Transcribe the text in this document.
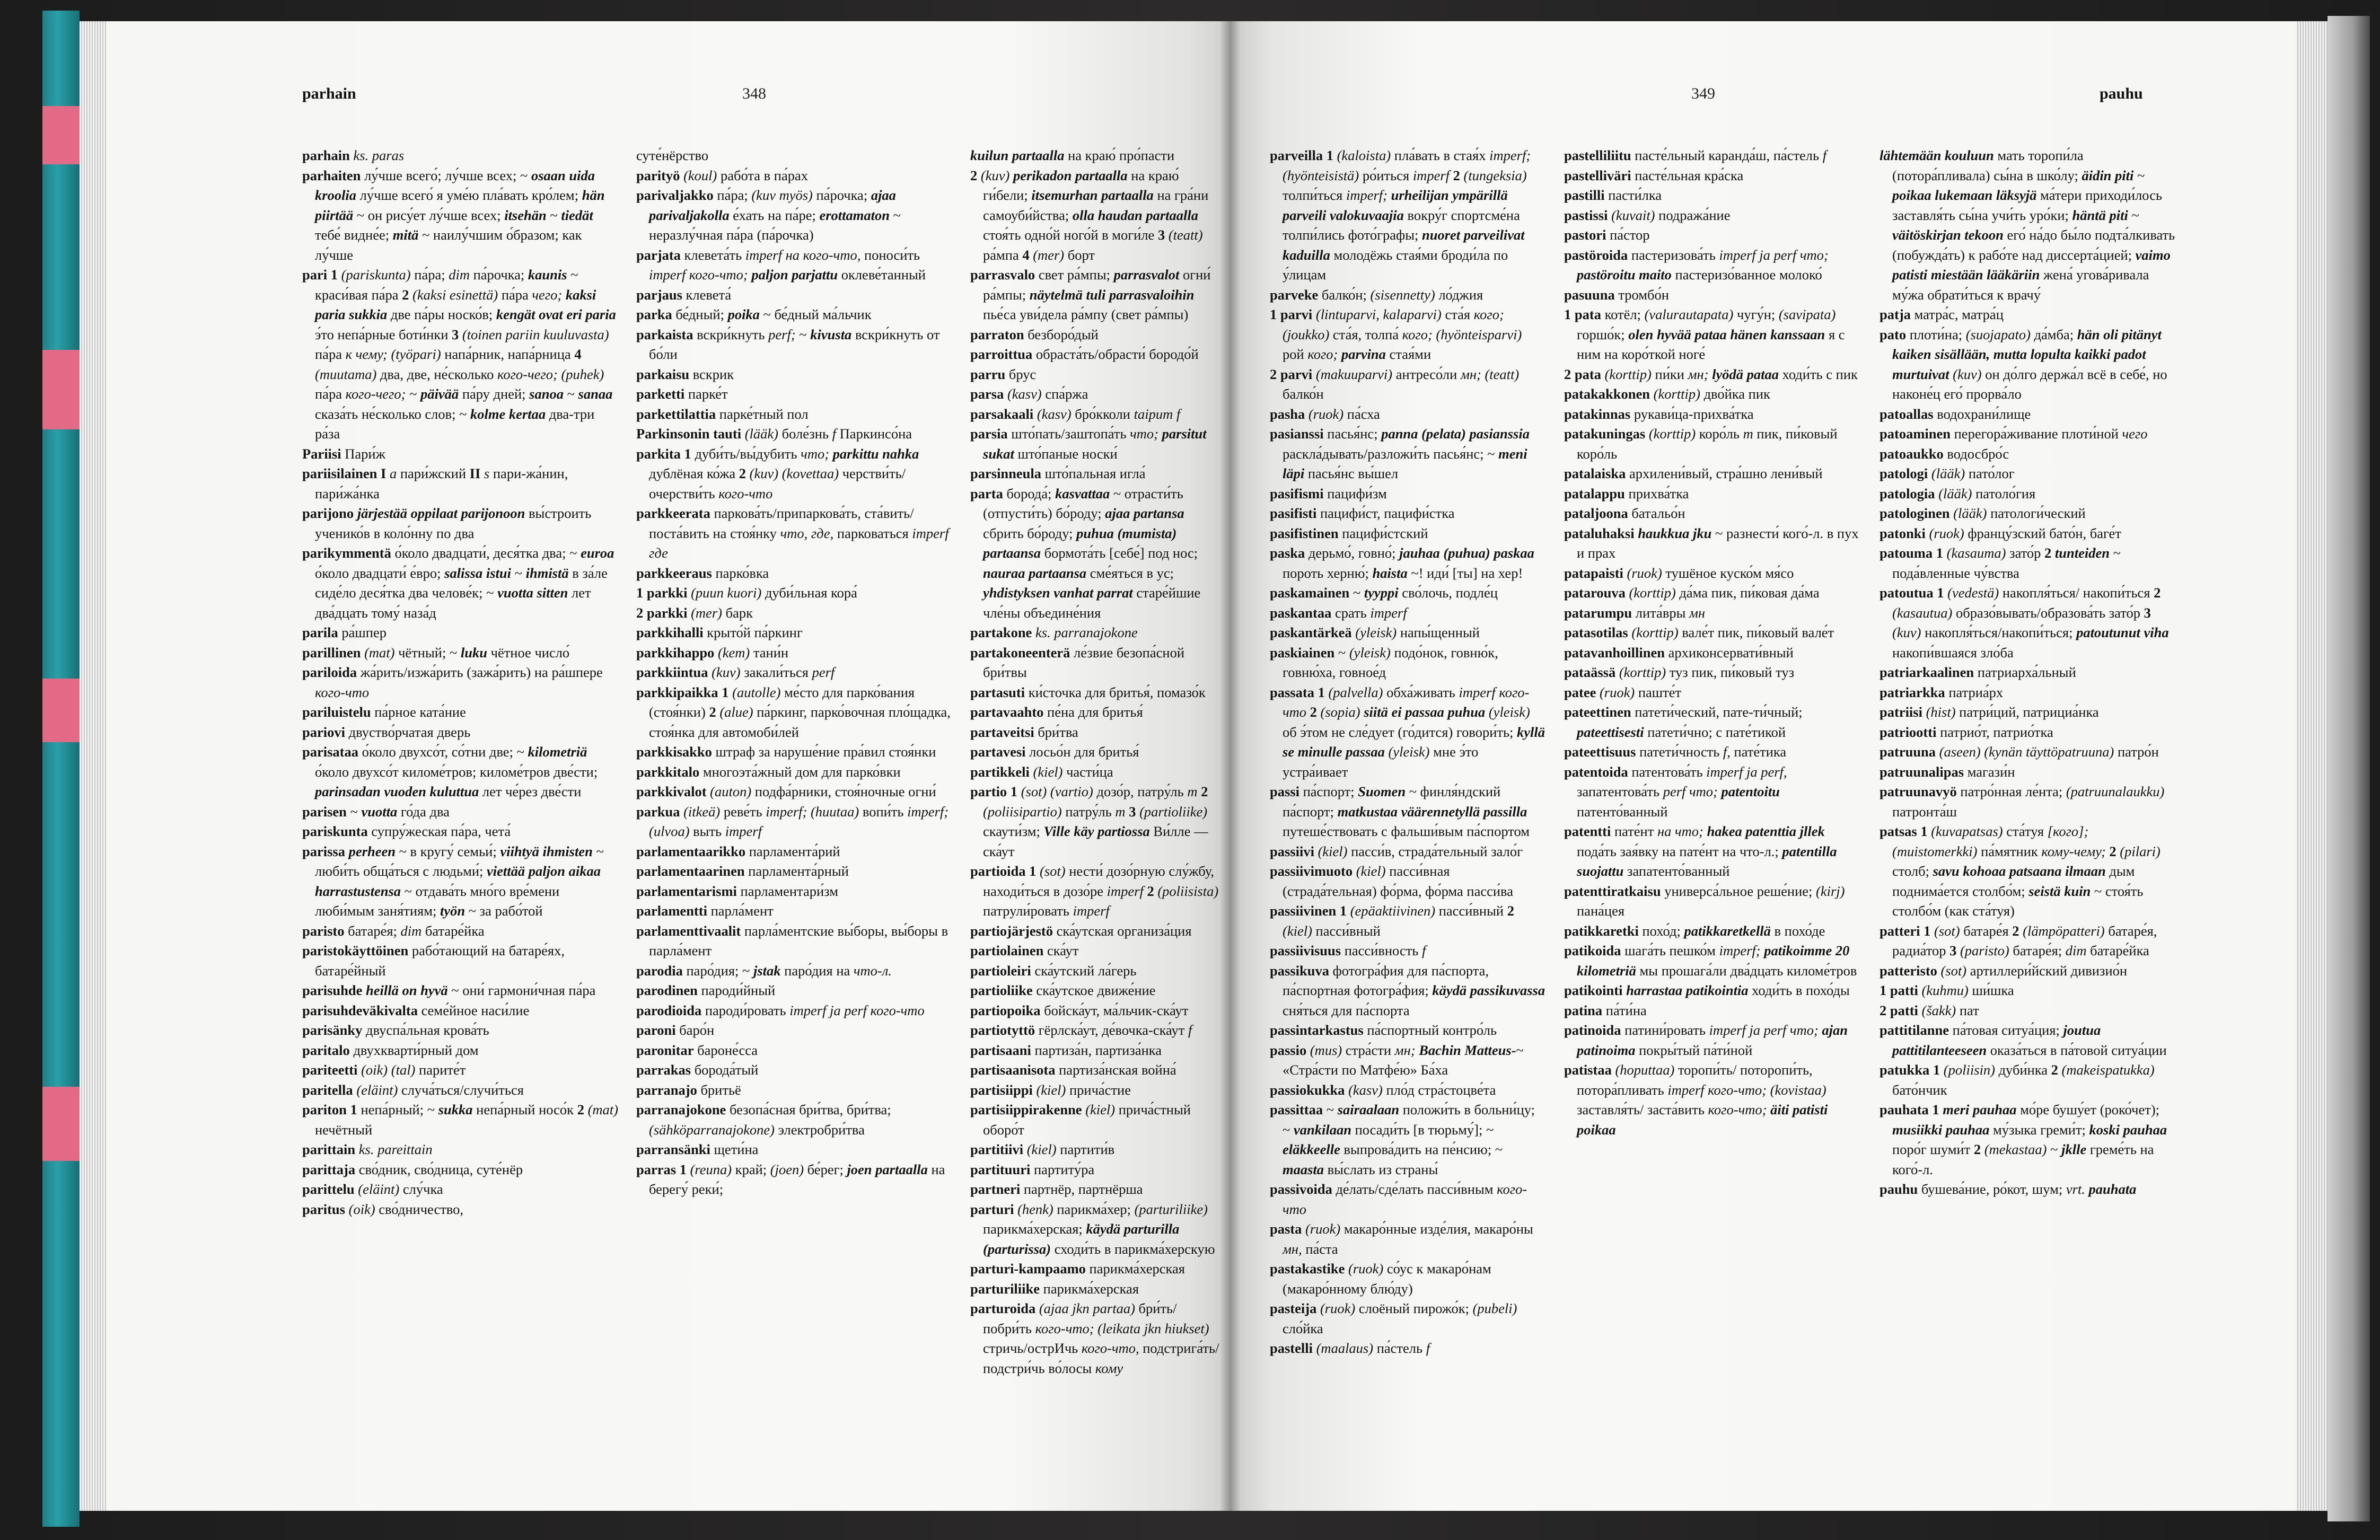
parhain	348

parhain ks. paras

parhaiten лу́чше всего́; лу́чше всех; ~ osaan uida kroolia лу́чше всего́ я уме́ю пла́вать кро́лем; hän piirtää ~ он рису́ет лу́чше всех; itsehän ~ tiedät тебе́ видне́е; mitä ~ наилу́чшим о́бразом; как лу́чше

pari 1 (pariskunta) па́ра; dim па́рочка; kaunis ~ краси́вая па́ра 2 (kaksi esinettä) па́ра чего; kaksi paria sukkia две па́ры носко́в; kengät ovat eri paria э́то непа́рные боти́нки 3 (toinen pariin kuuluvasta) па́ра к чему; (työpari) напа́рник, напа́рница 4 (muutama) два, две, не́сколько кого-чего; (puhek) па́ра кого-чего; ~ päivää па́ру дней; sanoa ~ sanaa сказа́ть не́сколько слов; ~ kolme kertaa два-три ра́за

Pariisi Пари́ж

pariisilainen I a пари́жский II s пари-жа́нин, пари́жа́нка

parijono järjestää oppilaat parijonoon вы́строить ученико́в в коло́нну по два

parikymmentä о́коло двадцати́, деся́тка два; ~ euroa о́коло двадцати́ е́вро; salissa istui ~ ihmistä в за́ле сиде́ло деся́тка два челове́к; ~ vuotta sitten лет два́дцать тому́ наза́д

parila ра́шпер

parillinen (mat) чётный; ~ luku чётное число́

pariloida жа́рить/изжа́рить (зажа́рить) на ра́шпере кого-что

pariluistelu па́рное ката́ние

pariovi двуство́рчатая дверь

parisataa о́коло двухсо́т, со́тни две; ~ kilometriä о́коло двухсо́т киломе́тров; киломе́тров две́сти; parinsadan vuoden kuluttua лет че́рез две́сти

parisen ~ vuotta го́да два

pariskunta супру́жеская па́ра, чета́

parissa perheen ~ в кругу́ семьи́; viihtyä ihmisten ~ люби́ть обща́ться с людьми́; viettää paljon aikaa harrastustensa ~ отдава́ть мно́го вре́мени люби́мым заня́тиям; työn ~ за рабо́той

paristo батаре́я; dim батаре́йка

paristokäyttöinen рабо́тающий на батаре́ях, батаре́йный

parisuhde heillä on hyvä ~ они́ гармони́чная па́ра

parisuhdeväkivalta семе́йное наси́лие

parisänky двуспа́льная крова́ть

paritalo двухкварти́рный дом

pariteetti (oik) (tal) парите́т

paritella (eläint) случа́ться/случи́ться

pariton 1 непа́рный; ~ sukka непа́рный носо́к 2 (mat) нечётный

parittain ks. pareittain

parittaja сво́дник, сво́дница, суте́нёр

parittelu (eläint) слу́чка

paritus (oik) сво́дничество,

суте́нёрство

parityö (koul) рабо́та в па́рах

parivaljakko па́ра; (kuv myös) па́рочка; ajaa parivaljakolla е́хать на па́ре; erottamaton ~ неразлу́чная па́ра (па́рочка)

parjata клевета́ть imperf на кого-что, поноси́ть imperf кого-что; paljon parjattu оклеве́танный

parjaus клевета́

parka бе́дный; poika ~ бе́дный ма́льчик

parkaista вскри́кнуть perf; ~ kivusta вскри́кнуть от бо́ли

parkaisu вскрик

parketti парке́т

parkettilattia парке́тный пол

Parkinsonin tauti (lääk) боле́знь f Паркинсо́на

parkita 1 дуби́ть/вы́дубить что; parkittu nahka дублёная ко́жа 2 (kuv) (kovettaa) черстви́ть/очерстви́ть кого-что

parkkeerata паркова́ть/припаркова́ть, ста́вить/поста́вить на стоя́нку что, где, парковаться imperf где

parkkeeraus парко́вка

1 parkki (puun kuori) дуби́льная кора́

2 parkki (mer) барк

parkkihalli крыто́й па́ркинг

parkkihappo (kem) тани́н

parkkiintua (kuv) закали́ться perf

parkkipaikka 1 (autolle) ме́сто для парко́вания (стоя́нки) 2 (alue) па́ркинг, парко́вочная пло́щадка, стоя́нка для автомоби́лей

parkkisakko штраф за наруше́ние пра́вил стоя́нки

parkkitalo многоэта́жный дом для парко́вки

parkkivalot (auton) подфа́рники, стоя́ночные огни́

parkua (itkeä) реве́ть imperf; (huutaa) вопи́ть imperf; (ulvoa) выть imperf

parlamentaarikko парламента́рий

parlamentaarinen парламента́рный

parlamentarismi парламентари́зм

parlamentti парла́мент

parlamenttivaalit парла́ментские вы́боры, вы́боры в парла́мент

parodia паро́дия; ~ jstak паро́дия на что-л.

parodinen пароди́йный

parodioida пароди́ровать imperf ja perf кого-что

paroni баро́н

paronitar бароне́сса

parrakas борода́тый

parranajo бритьё

parranajokone безопа́сная бри́тва, бри́тва; (sähköparranajokone) электробри́тва

parransänki щети́на

parras 1 (reuna) край; (joen) бе́рег; joen partaalla на берегу́ реки́;

kuilun partaalla на краю́ про́пасти

2 (kuv) perikadon partaalla на краю́ ги́бели; itsemurhan partaalla на гра́ни самоуби́йства; olla haudan partaalla стоя́ть одно́й ного́й в моги́ле 3 (teatt) ра́мпа 4 (mer) борт

parrasvalo свет ра́мпы; parrasvalot огни́ ра́мпы; näytelmä tuli parrasvaloihin пье́са уви́дела ра́мпу (свет ра́мпы)

parraton безборо́дый

parroittua обраста́ть/обрасти́ бородо́й

parru брус

parsa (kasv) спа́ржа

parsakaali (kasv) бро́кколи taipum f

parsia што́пать/заштопа́ть что; parsitut sukat што́паные носки́

parsinneula што́пальная игла́

parta борода́; kasvattaa ~ отрасти́ть (отпусти́ть) бо́роду; ajaa partansa сбрить бо́роду; puhua (mumista) partaansa бормота́ть [себе́] под нос; nauraa partaansa сме́яться в ус; yhdistyksen vanhat parrat старе́йшие чле́ны объедине́ния

partakone ks. parranajokone

partakoneenterä ле́звие безопа́сной бри́твы

partasuti ки́сточка для бритья́, помазо́к

partavaahto пе́на для бритья́

partaveitsi бри́тва

partavesi лосьо́н для бритья́

partikkeli (kiel) части́ца

partio 1 (sot) (vartio) дозо́р, патру́ль m 2 (poliisipartio) патру́ль m 3 (partioliike) скаути́зм; Ville käy partiossa Ви́лле — ска́ут

partioida 1 (sot) нести́ дозо́рную слу́жбу, находи́ться в дозо́ре imperf 2 (poliisista) патрули́ровать imperf

partiojärjestö ска́утская организа́ция

partiolainen ска́ут

partioleiri ска́утский ла́герь

partioliike ска́утское движе́ние

partiopoika бойска́ут, ма́льчик-ска́ут

partiotyttö гёрлска́ут, де́вочка-ска́ут f

partisaani партиза́н, партиза́нка

partisaanisota партиза́нская война́

partisiippi (kiel) прича́стие

partisiippirakenne (kiel) прича́стный оборо́т

partitiivi (kiel) партити́в

partituuri партиту́ра

partneri партнёр, партнёрша

parturi (henk) парикма́хер; (parturiliike) парикма́херская; käydä parturilla (parturissa) сходи́ть в парикма́херскую

parturi-kampaamo парикма́херская

parturiliike парикма́херская

parturoida (ajaa jkn partaa) бри́ть/побри́ть кого-что; (leikata jkn hiukset) стричь/острИчь кого-что, подстрига́ть/подстри́чь во́лосы кому

349	pauhu

parveilla 1 (kaloista) пла́вать в стая́х imperf; (hyönteisistä) ро́иться imperf 2 (tungeksia) толпи́ться imperf; urheilijan ympärillä parveili valokuvaajia вокру́г спортсме́на толпи́лись фото́графы; nuoret parveilivat kaduilla молодёжь стая́ми броди́ла по у́лицам

parveke балко́н; (sisennetty) ло́джия

1 parvi (lintuparvi, kalaparvi) ста́я кого; (joukko) ста́я, толпа́ кого; (hyönteisparvi) рой кого; parvina стая́ми

2 parvi (makuuparvi) антресо́ли мн; (teatt) балко́н

pasha (ruok) па́сха

pasianssi пасья́нс; panna (pelata) pasianssia раскла́дывать/разложи́ть пасья́нс; ~ meni läpi пасья́нс вы́шел

pasifismi пацифи́зм

pasifisti пацифи́ст, пацифи́стка

pasifistinen пацифи́стский

paska дерьмо́, говно́; jauhaa (puhua) paskaa пороть херню́; haista ~! иди́ [ты] на хер!

paskamainen ~ tyyppi сво́лочь, подле́ц

paskantaa срать imperf

paskantärkeä (yleisk) напы́щенный

paskiainen ~ (yleisk) подо́нок, говню́к, говню́ха, говнoе́д

passata 1 (palvella) обха́живать imperf кого-что 2 (sopia) siitä ei passaa puhua (yleisk) об э́том не сле́дует (го́дится) говори́ть; kyllä se minulle passaa (yleisk) мне э́то устра́ивает

passi па́спорт; Suomen ~ финля́ндский па́спорт; matkustaa väärennetyllä passilla путеше́ствовать с фальши́вым па́спортом

passiivi (kiel) пасси́в, страда́тельный зало́г

passiivimuoto (kiel) пасси́вная (страда́тельная) фо́рма, фо́рма пасси́ва

passiivinen 1 (epäaktiivinen) пасси́вный 2 (kiel) пасси́вный

passiivisuus пасси́вность f

passikuva фотогра́фия для па́спорта, па́спортная фотогра́фия; käydä passikuvassa сня́ться для па́спорта

passintarkastus па́спортный контро́ль

passio (mus) стра́сти мн; Bachin Matteus-~ «Стра́сти по Матфе́ю» Ба́ха

passiokukka (kasv) пло́д стра́стоцве́та

passittaa ~ sairaalaan положи́ть в больни́цу; ~ vankilaan посади́ть [в тюрьму́]; ~ eläkkeelle выпрова́дить на пе́нсию; ~ maasta вы́слать из страны́

passivoida де́лать/сде́лать пасси́вным кого-что

pasta (ruok) макаро́нные изде́лия, макаро́ны мн, па́ста

pastakastike (ruok) со́ус к макаро́нам (макаро́нному блю́ду)

pasteija (ruok) слоёный пирожо́к; (pubeli) сло́йка

pastelli (maalaus) па́стель f

pastelliliitu пасте́льный каранда́ш, па́стель f

pastelliväri пасте́льная кра́ска

pastilli пасти́лка

pastissi (kuvait) подража́ние

pastori па́стор

pastöroida пастеризова́ть imperf ja perf что; pastöroitu maito пастеризо́ванное молоко́

pasuuna тромбо́н

1 pata котёл; (valurautapata) чугу́н; (savipata) горшо́к; olen hyvää pataa hänen kanssaan я с ним на коро́ткой ноге́

2 pata (korttip) пи́ки мн; lyödä pataa ходи́ть с пик

patakakkonen (korttip) дво́йка пик

patakinnas рукави́ца-прихва́тка

patakuningas (korttip) коро́ль m пик, пи́ковый коро́ль

patalaiska архилени́вый, стра́шно лени́вый

patalappu прихва́тка

pataljoona батальо́н

pataluhaksi haukkua jku ~ разнести́ кого́-л. в пух и прах

patapaisti (ruok) тушёное куско́м мя́со

patarouva (korttip) да́ма пик, пи́ковая да́ма

patarumpu лита́вры мн

patasotilas (korttip) вале́т пик, пи́ковый вале́т

patavanhoillinen архиконсервати́вный

pataässä (korttip) туз пик, пи́ковый туз

patee (ruok) паште́т

pateettinen патети́ческий, пате-ти́чный; pateettisesti патети́чно; с пате́тикой

pateettisuus патети́чность f, пате́тика

patentoida патентова́ть imperf ja perf, запатентова́ть perf что; patentoitu патенто́ванный

patentti пате́нт на что; hakea patenttia jllek пода́ть зая́вку на пате́нт на что-л.; patentilla suojattu запатенто́ванный

patenttiratkaisu универса́льное реше́ние; (kirj) пана́цея

patikkaretki похо́д; patikkaretkellä в похо́де

patikoida шага́ть пешко́м imperf; patikoimme 20 kilometriä мы прошага́ли два́дцать киломе́тров

patikointi harrastaa patikointia ходи́ть в похо́ды

patina па́ти́на

patinoida патини́ровать imperf ja perf что; ajan patinoima покры́тый па́ти́ной

patistaa (hoputtaa) торопи́ть/ поторопи́ть, потора́пливать imperf кого-что; (kovistaa) заставля́ть/ заста́вить кого-что; äiti patisti poikaa

lähtemään kouluun мать торопи́ла (потора́пливала) сы́на в шко́лу; äidin piti ~ poikaa lukemaan läksyjä ма́тери приходи́лось заставля́ть сы́на учи́ть уро́ки; häntä piti ~ väitöskirjan tekoon его́ на́до бы́ло подта́лкивать (побужда́ть) к рабо́те над диссерта́цией; vaimo patisti miestään lääkäriin жена́ угова́ривала му́жа обрати́ться к врачу́

patja матра́с, матра́ц

pato плоти́на; (suojapato) да́мба; hän oli pitänyt kaiken sisällään, mutta lopulta kaikki padot murtuivat (kuv) он до́лго держа́л всё в себе́, но наконе́ц его́ прорва́ло

patoallas водохрани́лище

patoaminen перегора́живание плоти́ной чего

patoaukko водосбро́с

patologi (lääk) пато́лог

patologia (lääk) патоло́гия

patologinen (lääk) патологи́ческий

patonki (ruok) францу́зский бато́н, баге́т

patouma 1 (kasauma) зато́р 2 tunteiden ~ пода́вленные чу́вства

patoutua 1 (vedestä) накопля́ться/ накопи́ться 2 (kasautua) образо́вывать/образова́ть зато́р 3 (kuv) накопля́ться/накопи́ться; patoutunut viha накопи́вшаяся зло́ба

patriarkaalinen патриарха́льный

patriarkka патриа́рх

patriisi (hist) патри́ций, патрициа́нка

patriootti патрио́т, патрио́тка

patruuna (aseen) (kynän täyttöpatruuna) патро́н

patruunalipas магази́н

patruunavyö патро́нная ле́нта; (patruunalaukku) патронта́ш

patsas 1 (kuvapatsas) ста́туя [кого]; (muistomerkki) па́мятник кому-чему; 2 (pilari) столб; savu kohoaa patsaana ilmaan дым поднима́ется столбо́м; seistä kuin ~ стоя́ть столбо́м (как ста́туя)

patteri 1 (sot) батаре́я 2 (lämpöpatteri) батаре́я, радиа́тор 3 (paristo) батаре́я; dim батаре́йка

patteristo (sot) артиллери́йский дивизио́н

1 patti (kuhmu) ши́шка

2 patti (šakk) пат

pattitilanne па́товая ситуа́ция; joutua pattitilanteeseen оказа́ться в па́товой ситуа́ции

patukka 1 (poliisin) дуби́нка 2 (makeispatukka) бато́нчик

pauhata 1 meri pauhaa мо́ре бушу́ет (роко́чет); musiikki pauhaa му́зыка греми́т; koski pauhaa поро́г шуми́т 2 (mekastaa) ~ jkllе греме́ть на кого́-л.

pauhu бушева́ние, ро́кот, шум; vrt. pauhata
